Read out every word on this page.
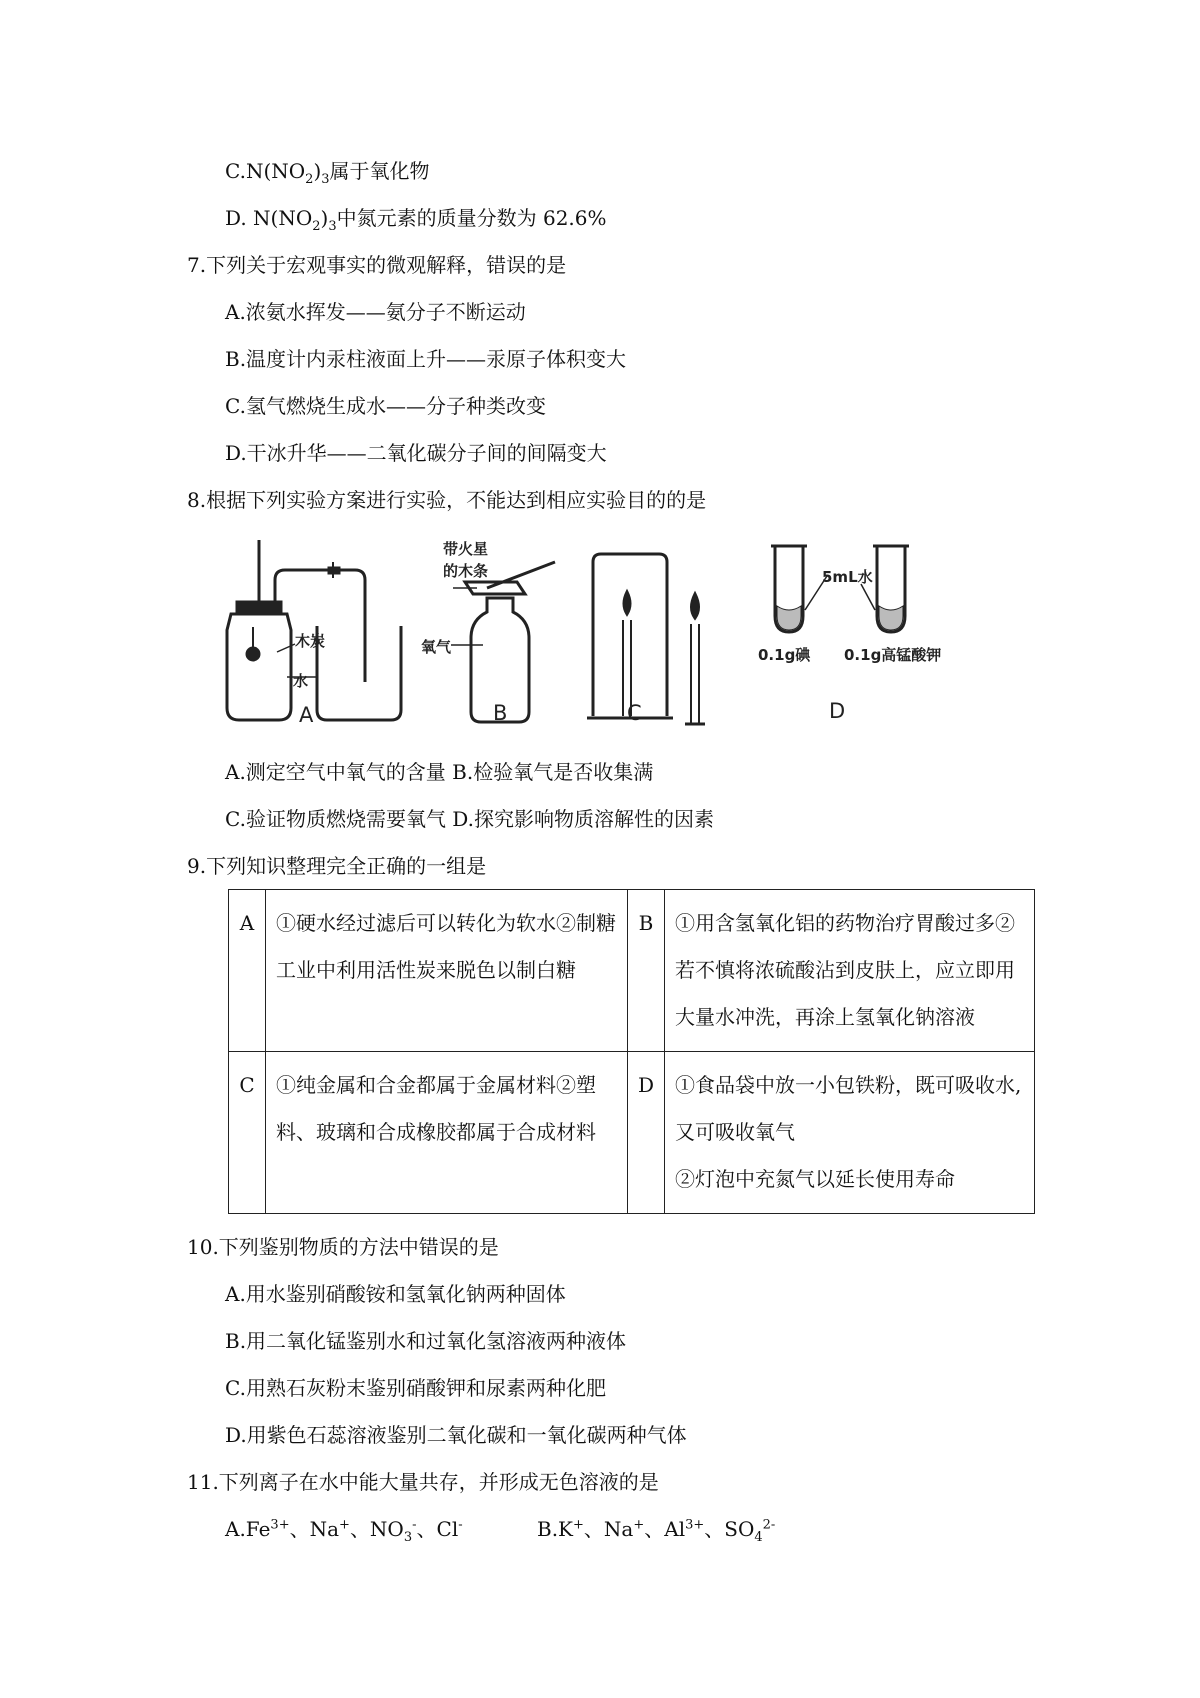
$C.N(NO_2)_3$属于氧化物
D. $N(NO_2)_3$中氮元素的质量分数为 62.6%
7.下列关于宏观事实的微观解释，错误的是
A.浓氨水挥发——氨分子不断运动
B.温度计内汞柱液面上升——汞原子体积变大
C.氢气燃烧生成水——分子种类改变
D.干冰升华——二氧化碳分子间的间隔变大
8.根据下列实验方案进行实验，不能达到相应实验目的的是
木炭
水
带火星
的木条
氧气
5mL水
0.1g碘 0.1g高锰酸钾
A	B	C	D
A.测定空气中氧气的含量 B.检验氧气是否收集满
C.验证物质燃烧需要氧气 D.探究影响物质溶解性的因素
9.下列知识整理完全正确的一组是
A	①硬水经过滤后可以转化为软水②制糖工业中利用活性炭来脱色以制白糖	B	①用含氢氧化铝的药物治疗胃酸过多②若不慎将浓硫酸沾到皮肤上，应立即用大量水冲洗，再涂上氢氧化钠溶液
C	①纯金属和合金都属于金属材料②塑料、玻璃和合成橡胶都属于合成材料	D	①食品袋中放一小包铁粉，既可吸收水,又可吸收氧气
②灯泡中充氮气以延长使用寿命
10.下列鉴别物质的方法中错误的是
A.用水鉴别硝酸铵和氢氧化钠两种固体
B.用二氧化锰鉴别水和过氧化氢溶液两种液体
C.用熟石灰粉末鉴别硝酸钾和尿素两种化肥
D.用紫色石蕊溶液鉴别二氧化碳和一氧化碳两种气体
11.下列离子在水中能大量共存，并形成无色溶液的是
$A.Fe^{3+}$、Na+、$NO_3^-$、Cl-	B.K+、Na+、$Al^{3+}$、$SO_4^{2-}$
